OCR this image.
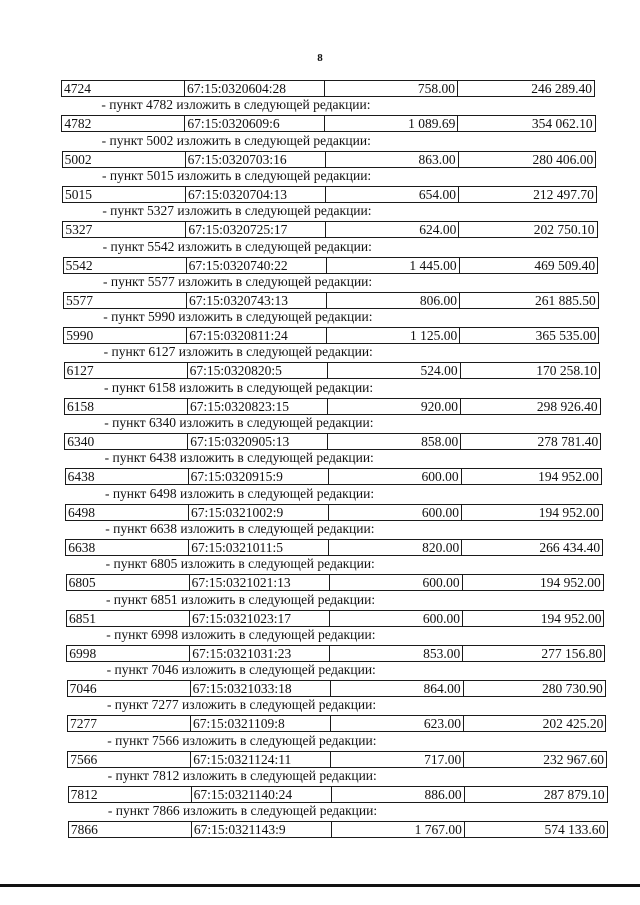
8
4724	67:15:0320604:28	758.00	246 289.40
- пункт 4782 изложить в следующей редакции:
4782	67:15:0320609:6	1 089.69	354 062.10
- пункт 5002 изложить в следующей редакции:
5002	67:15:0320703:16	863.00	280 406.00
- пункт 5015 изложить в следующей редакции:
5015	67:15:0320704:13	654.00	212 497.70
- пункт 5327 изложить в следующей редакции:
5327	67:15:0320725:17	624.00	202 750.10
- пункт 5542 изложить в следующей редакции:
5542	67:15:0320740:22	1 445.00	469 509.40
- пункт 5577 изложить в следующей редакции:
5577	67:15:0320743:13	806.00	261 885.50
- пункт 5990 изложить в следующей редакции:
5990	67:15:0320811:24	1 125.00	365 535.00
- пункт 6127 изложить в следующей редакции:
6127	67:15:0320820:5	524.00	170 258.10
- пункт 6158 изложить в следующей редакции:
6158	67:15:0320823:15	920.00	298 926.40
- пункт 6340 изложить в следующей редакции:
6340	67:15:0320905:13	858.00	278 781.40
- пункт 6438 изложить в следующей редакции:
6438	67:15:0320915:9	600.00	194 952.00
- пункт 6498 изложить в следующей редакции:
6498	67:15:0321002:9	600.00	194 952.00
- пункт 6638 изложить в следующей редакции:
6638	67:15:0321011:5	820.00	266 434.40
- пункт 6805 изложить в следующей редакции:
6805	67:15:0321021:13	600.00	194 952.00
- пункт 6851 изложить в следующей редакции:
6851	67:15:0321023:17	600.00	194 952.00
- пункт 6998 изложить в следующей редакции:
6998	67:15:0321031:23	853.00	277 156.80
- пункт 7046 изложить в следующей редакции:
7046	67:15:0321033:18	864.00	280 730.90
- пункт 7277 изложить в следующей редакции:
7277	67:15:0321109:8	623.00	202 425.20
- пункт 7566 изложить в следующей редакции:
7566	67:15:0321124:11	717.00	232 967.60
- пункт 7812 изложить в следующей редакции:
7812	67:15:0321140:24	886.00	287 879.10
- пункт 7866 изложить в следующей редакции:
7866	67:15:0321143:9	1 767.00	574 133.60
